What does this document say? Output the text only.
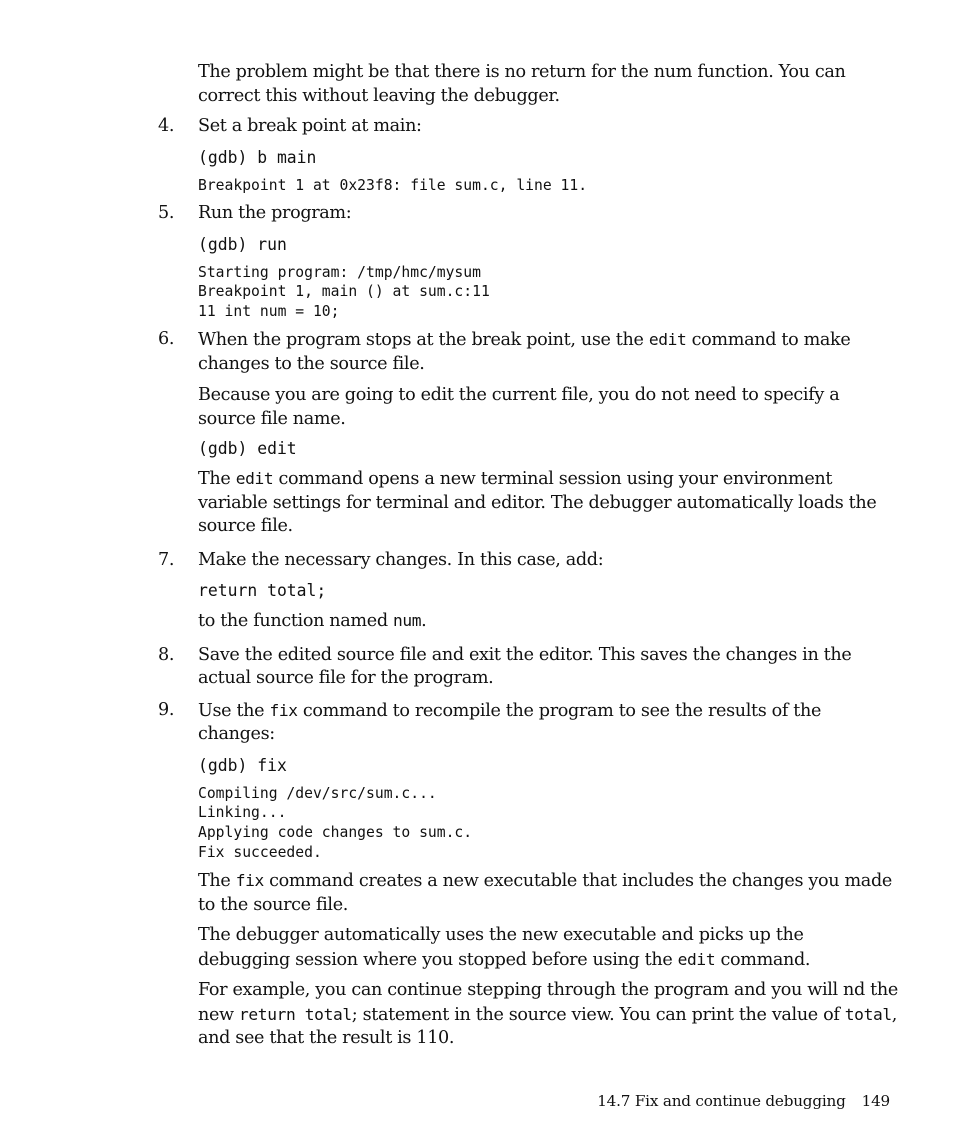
The problem might be that there is no return for the num function. You can correct this without leaving the debugger.

4. Set a break point at main:

(gdb) b main
Breakpoint 1 at 0x23f8: file sum.c, line 11.

5. Run the program:

(gdb) run
Starting program: /tmp/hmc/mysum
Breakpoint 1, main () at sum.c:11
11 int num = 10;

6. When the program stops at the break point, use the edit command to make changes to the source file.

Because you are going to edit the current file, you do not need to specify a source file name.

(gdb) edit

The edit command opens a new terminal session using your environment variable settings for terminal and editor. The debugger automatically loads the source file.

7. Make the necessary changes. In this case, add:

return total;

to the function named num.

8. Save the edited source file and exit the editor. This saves the changes in the actual source file for the program.

9. Use the fix command to recompile the program to see the results of the changes:

(gdb) fix
Compiling /dev/src/sum.c...
Linking...
Applying code changes to sum.c.
Fix succeeded.

The fix command creates a new executable that includes the changes you made to the source file.

The debugger automatically uses the new executable and picks up the debugging session where you stopped before using the edit command.

For example, you can continue stepping through the program and you will nd the new return total; statement in the source view. You can print the value of total, and see that the result is 110.

14.7 Fix and continue debugging 149
